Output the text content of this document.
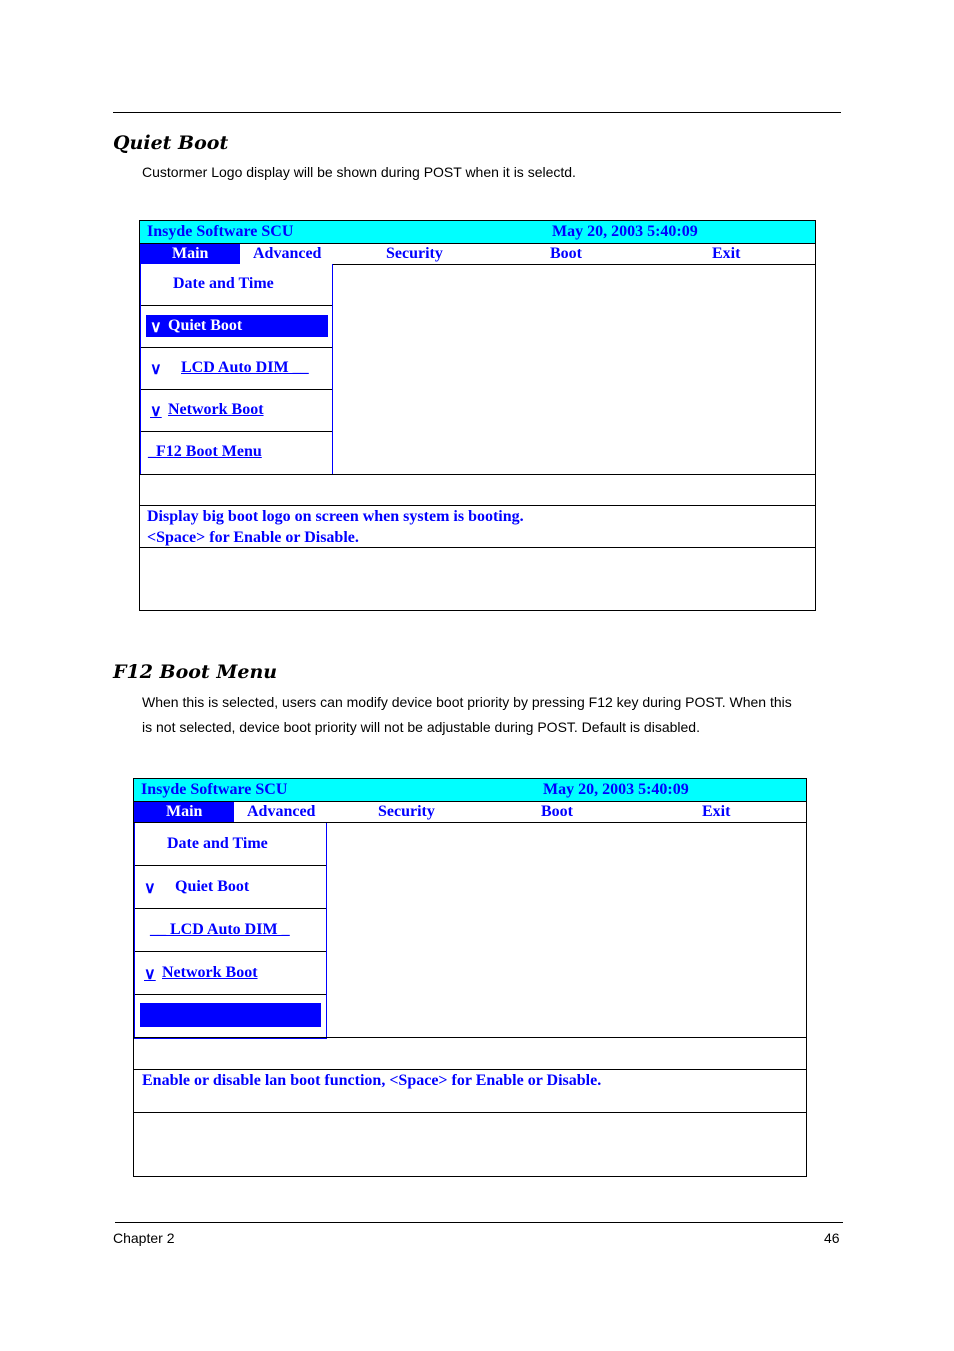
Quiet Boot

Custormer Logo display will be shown during POST when it is selectd.

Insyde Software SCU	May 20, 2003 5:40:09
Main	Advanced	Security	Boot	Exit
Date and Time
∨ Quiet Boot
∨ LCD Auto DIM __
∨ Network Boot
_F12 Boot Menu
Display big boot logo on screen when system is booting.
<Space> for Enable or Disable.
F12 Boot Menu

When this is selected, users can modify device boot priority by pressing F12 key during POST. When this
is not selected, device boot priority will not be adjustable during POST. Default is disabled.

Insyde Software SCU	May 20, 2003 5:40:09
Main	Advanced	Security	Boot	Exit
Date and Time
∨ Quiet Boot
__ LCD Auto DIM _
∨ Network Boot
Enable or disable lan boot function, <Space> for Enable or Disable.
Chapter 2	46
